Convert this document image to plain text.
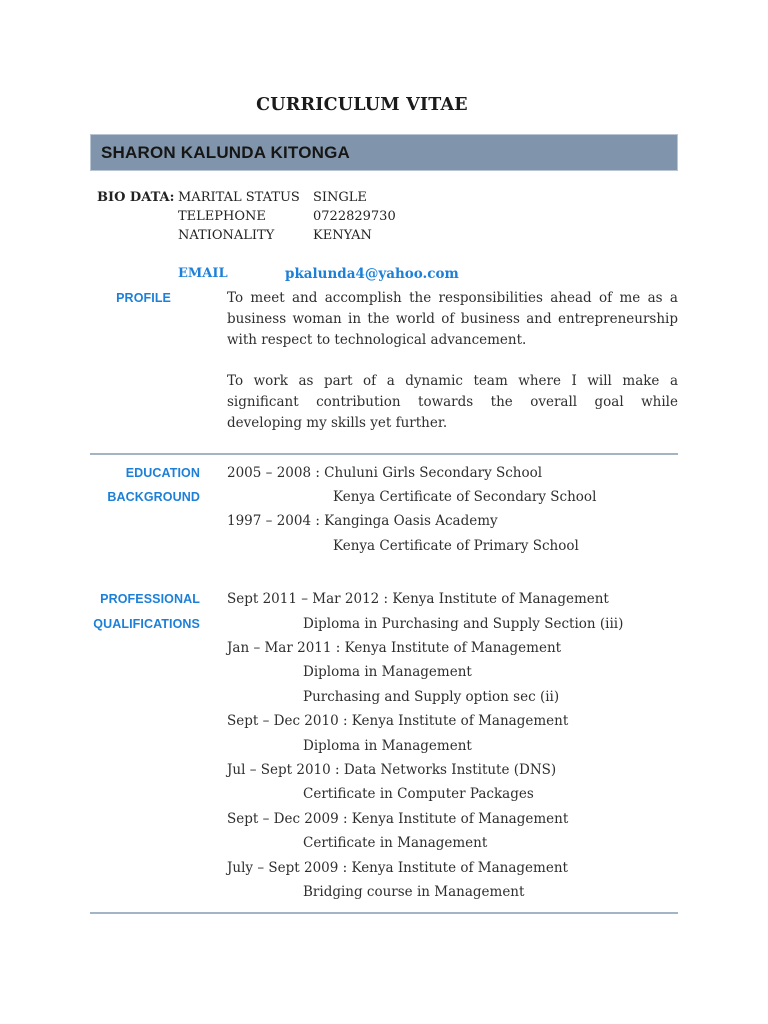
CURRICULUM VITAE
SHARON KALUNDA KITONGA
BIO DATA: MARITAL STATUS	SINGLE
TELEPHONE	0722829730
NATIONALITY	KENYAN
EMAIL	pkalunda4@yahoo.com
PROFILE	To meet and accomplish the responsibilities ahead of me as a business woman in the world of business and entrepreneurship with respect to technological advancement.

To work as part of a dynamic team where I will make a significant contribution towards the overall goal while developing my skills yet further.

EDUCATION
BACKGROUND
2005 – 2008 : Chuluni Girls Secondary School
Kenya Certificate of Secondary School
1997 – 2004 : Kanginga Oasis Academy
Kenya Certificate of Primary School
PROFESSIONAL
QUALIFICATIONS
Sept 2011 – Mar 2012 : Kenya Institute of Management
Diploma in Purchasing and Supply Section (iii)
Jan – Mar 2011 : Kenya Institute of Management
Diploma in Management
Purchasing and Supply option sec (ii)
Sept – Dec 2010 : Kenya Institute of Management
Diploma in Management
Jul – Sept 2010 : Data Networks Institute (DNS)
Certificate in Computer Packages
Sept – Dec 2009 : Kenya Institute of Management
Certificate in Management
July – Sept 2009 : Kenya Institute of Management
Bridging course in Management
